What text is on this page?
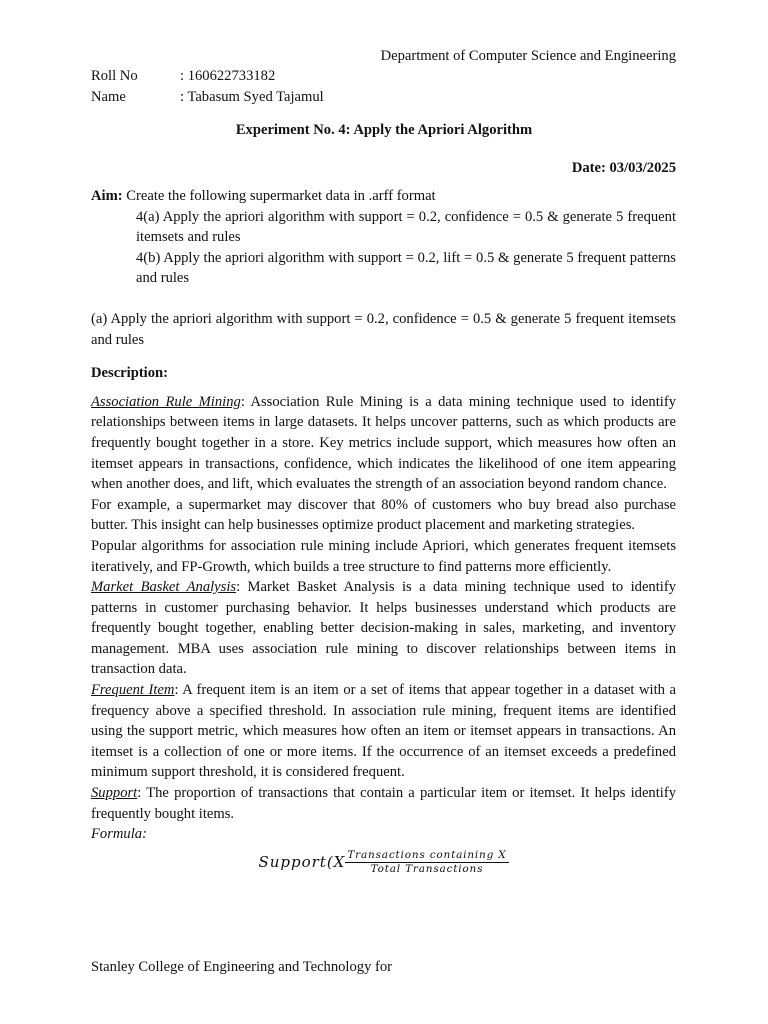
Department of Computer Science and Engineering
Roll No	: 160622733182
Name	: Tabasum Syed Tajamul
Experiment No. 4: Apply the Apriori Algorithm
Date: 03/03/2025
Aim: Create the following supermarket data in .arff format
4(a) Apply the apriori algorithm with support = 0.2, confidence = 0.5 & generate 5 frequent itemsets and rules
4(b) Apply the apriori algorithm with support = 0.2, lift = 0.5 & generate 5 frequent patterns and rules
(a) Apply the apriori algorithm with support = 0.2, confidence = 0.5 & generate 5 frequent itemsets and rules
Description:
Association Rule Mining: Association Rule Mining is a data mining technique used to identify relationships between items in large datasets. It helps uncover patterns, such as which products are frequently bought together in a store. Key metrics include support, which measures how often an itemset appears in transactions, confidence, which indicates the likelihood of one item appearing when another does, and lift, which evaluates the strength of an association beyond random chance.
For example, a supermarket may discover that 80% of customers who buy bread also purchase butter. This insight can help businesses optimize product placement and marketing strategies.
Popular algorithms for association rule mining include Apriori, which generates frequent itemsets iteratively, and FP-Growth, which builds a tree structure to find patterns more efficiently.
Market Basket Analysis: Market Basket Analysis is a data mining technique used to identify patterns in customer purchasing behavior. It helps businesses understand which products are frequently bought together, enabling better decision-making in sales, marketing, and inventory management. MBA uses association rule mining to discover relationships between items in transaction data.
Frequent Item: A frequent item is an item or a set of items that appear together in a dataset with a frequency above a specified threshold. In association rule mining, frequent items are identified using the support metric, which measures how often an item or itemset appears in transactions. An itemset is a collection of one or more items. If the occurrence of an itemset exceeds a predefined minimum support threshold, it is considered frequent.
Support: The proportion of transactions that contain a particular item or itemset. It helps identify frequently bought items.
Formula:
Support(X $\frac{\text{Transactions containing X}}{\text{Total Transactions}}$
Stanley College of Engineering and Technology for
